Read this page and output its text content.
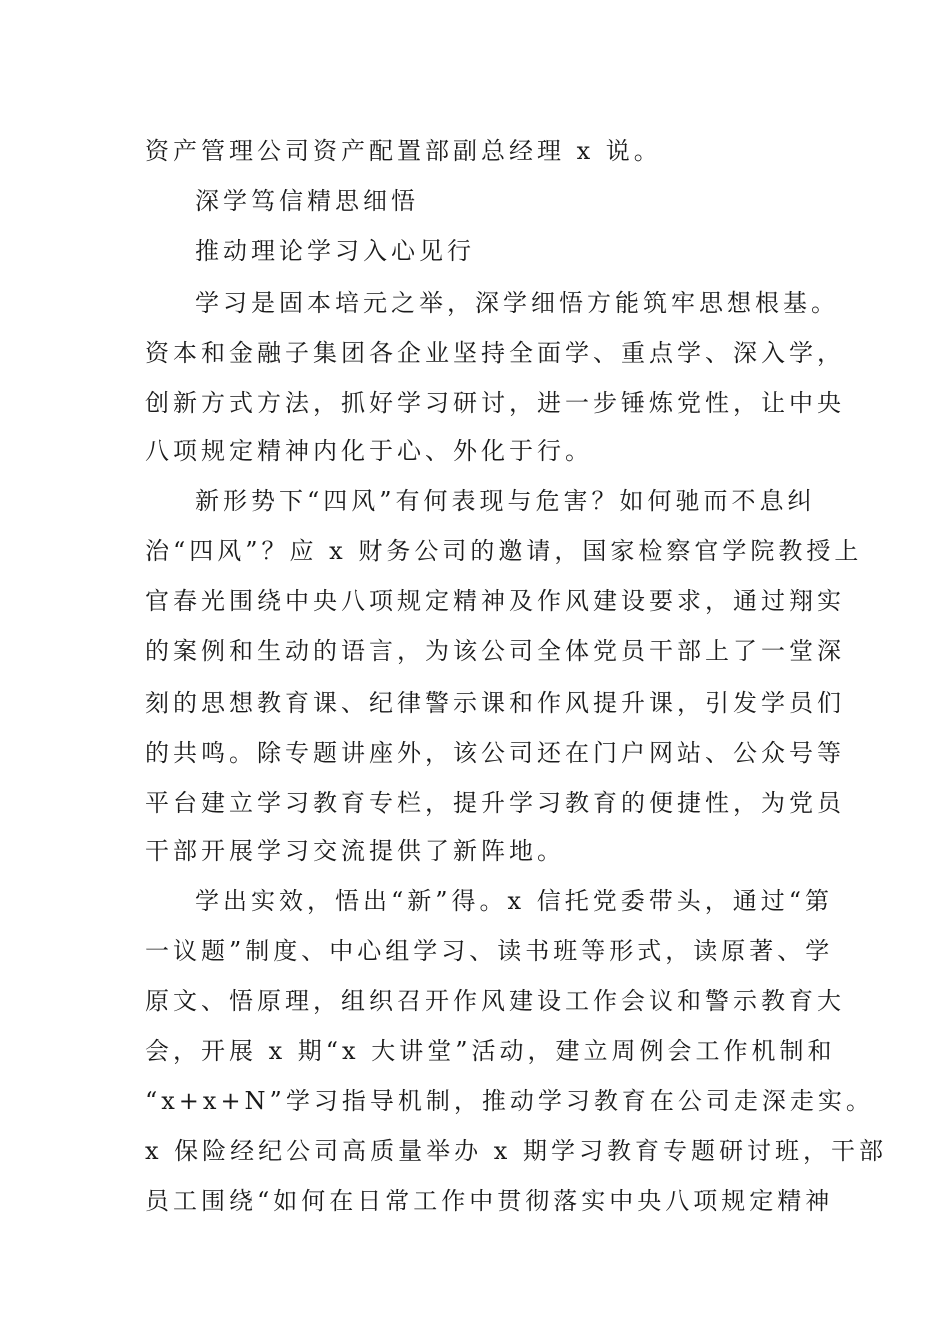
资产管理公司资产配置部副总经理 x 说。

深学笃信精思细悟

推动理论学习入心见行

学习是固本培元之举，深学细悟方能筑牢思想根基。

资本和金融子集团各企业坚持全面学、重点学、深入学，

创新方式方法，抓好学习研讨，进一步锤炼党性，让中央

八项规定精神内化于心、外化于行。

新形势下“四风”有何表现与危害？如何驰而不息纠

治“四风”？应 x 财务公司的邀请，国家检察官学院教授上

官春光围绕中央八项规定精神及作风建设要求，通过翔实

的案例和生动的语言，为该公司全体党员干部上了一堂深

刻的思想教育课、纪律警示课和作风提升课，引发学员们

的共鸣。除专题讲座外，该公司还在门户网站、公众号等

平台建立学习教育专栏，提升学习教育的便捷性，为党员

干部开展学习交流提供了新阵地。

学出实效，悟出“新”得。x 信托党委带头，通过“第

一议题”制度、中心组学习、读书班等形式，读原著、学

原文、悟原理，组织召开作风建设工作会议和警示教育大

会，开展 x 期“x 大讲堂”活动，建立周例会工作机制和

“x+x+N”学习指导机制，推动学习教育在公司走深走实。

x 保险经纪公司高质量举办 x 期学习教育专题研讨班，干部

员工围绕“如何在日常工作中贯彻落实中央八项规定精神
